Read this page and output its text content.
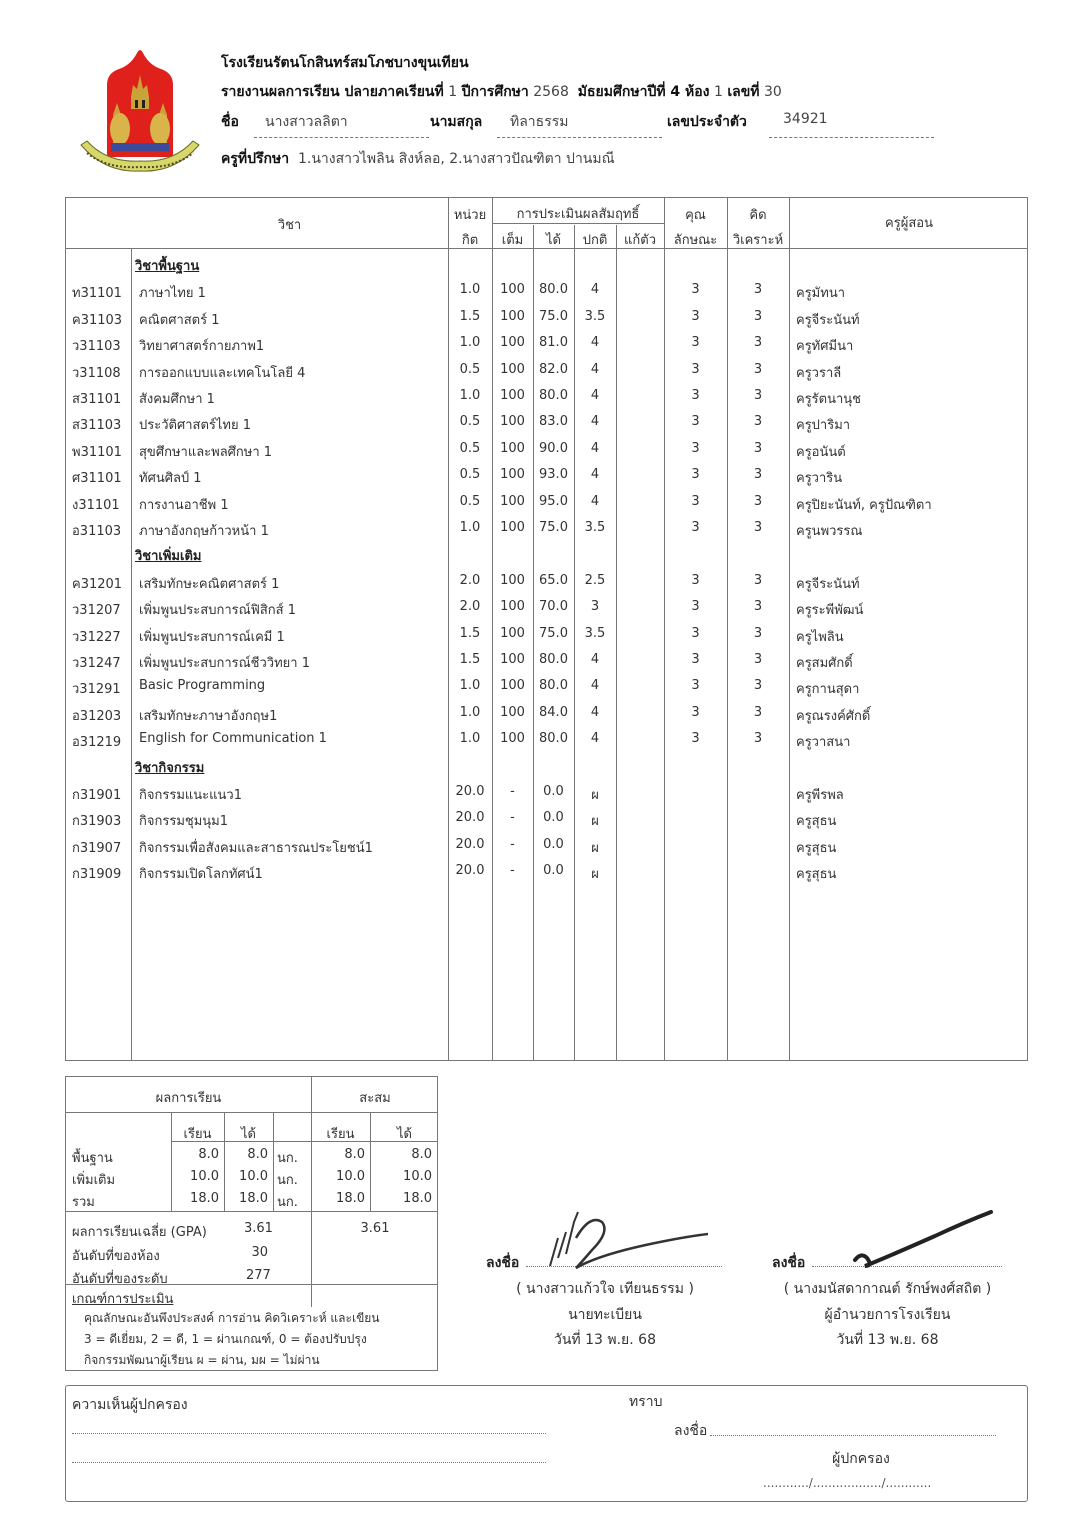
โรงเรียนรัตนโกสินทร์สมโภชบางขุนเทียน
รายงานผลการเรียน ปลายภาคเรียนที่ 1 ปีการศึกษา 2568 มัธยมศึกษาปีที่ 4 ห้อง 1 เลขที่ 30
ชื่อ นางสาวลลิตา	นามสกุล ทิลาธรรม	เลขประจำตัว	34921
ครูที่ปรึกษา 1.นางสาวไพลิน สิงห์ลอ, 2.นางสาวปัณฑิตา ปานมณี
วิชา
หน่วย
กิต
การประเมินผลสัมฤทธิ์
เต็ม	ได้	ปกติ	แก้ตัว
คุณ
ลักษณะ
คิด
วิเคราะห์
ครูผู้สอน
วิชาพื้นฐาน
ท31101 ภาษาไทย 1	1.0	100	80.0	4	3	3	ครูมัทนา
ค31103 คณิตศาสตร์ 1	1.5	100	75.0	3.5	3	3	ครูจีระนันท์
ว31103 วิทยาศาสตร์กายภาพ1	1.0	100	81.0	4	3	3	ครูทัศมีนา
ว31108 การออกแบบและเทคโนโลยี 4	0.5	100	82.0	4	3	3	ครูวราลี
ส31101 สังคมศึกษา 1	1.0	100	80.0	4	3	3	ครูรัตนานุช
ส31103 ประวัติศาสตร์ไทย 1	0.5	100	83.0	4	3	3	ครูปาริมา
พ31101 สุขศึกษาและพลศึกษา 1	0.5	100	90.0	4	3	3	ครูอนันต์
ศ31101 ทัศนศิลป์ 1	0.5	100	93.0	4	3	3	ครูวาริน
ง31101 การงานอาชีพ 1	0.5	100	95.0	4	3	3	ครูปิยะนันท์, ครูปัณฑิตา
อ31103 ภาษาอังกฤษก้าวหน้า 1	1.0	100	75.0	3.5	3	3	ครูนพวรรณ
วิชาเพิ่มเติม
ค31201 เสริมทักษะคณิตศาสตร์ 1	2.0	100	65.0	2.5	3	3	ครูจีระนันท์
ว31207 เพิ่มพูนประสบการณ์ฟิสิกส์ 1	2.0	100	70.0	3	3	3	ครูระพีพัฒน์
ว31227 เพิ่มพูนประสบการณ์เคมี 1	1.5	100	75.0	3.5	3	3	ครูไพลิน
ว31247 เพิ่มพูนประสบการณ์ชีววิทยา 1	1.5	100	80.0	4	3	3	ครูสมศักดิ์
ว31291 Basic Programming	1.0	100	80.0	4	3	3	ครูกานสุดา
อ31203 เสริมทักษะภาษาอังกฤษ1	1.0	100	84.0	4	3	3	ครูณรงค์ศักดิ์
อ31219 English for Communication 1	1.0	100	80.0	4	3	3	ครูวาสนา
วิชากิจกรรม
ก31901 กิจกรรมแนะแนว1	20.0	-	0.0	ผ	ครูพีรพล
ก31903 กิจกรรมชุมนุม1	20.0	-	0.0	ผ	ครูสุธน
ก31907 กิจกรรมเพื่อสังคมและสาธารณประโยชน์1	20.0	-	0.0	ผ	ครูสุธน
ก31909 กิจกรรมเปิดโลกทัศน์1	20.0	-	0.0	ผ	ครูสุธน
ผลการเรียน	สะสม
เรียน	ได้	เรียน	ได้
พื้นฐาน	8.0	8.0 นก.	8.0	8.0
เพิ่มเติม	10.0	10.0 นก.	10.0	10.0
รวม	18.0	18.0 นก.	18.0	18.0
ผลการเรียนเฉลี่ย (GPA)	3.61	3.61
อันดับที่ของห้อง	30
อันดับที่ของระดับ	277
เกณฑ์การประเมิน
คุณลักษณะอันพึงประสงค์ การอ่าน คิดวิเคราะห์ และเขียน
3 = ดีเยี่ยม, 2 = ดี, 1 = ผ่านเกณฑ์, 0 = ต้องปรับปรุง
กิจกรรมพัฒนาผู้เรียน ผ = ผ่าน, มผ = ไม่ผ่าน
ลงชื่อ
( นางสาวแก้วใจ เทียนธรรม )
นายทะเบียน
วันที่ 13 พ.ย. 68
ลงชื่อ
( นางมนัสดากาณต์ รักษ์พงศ์สถิต )
ผู้อำนวยการโรงเรียน
วันที่ 13 พ.ย. 68
ความเห็นผู้ปกครอง	ทราบ
ลงชื่อ
ผู้ปกครอง
............/................../............
